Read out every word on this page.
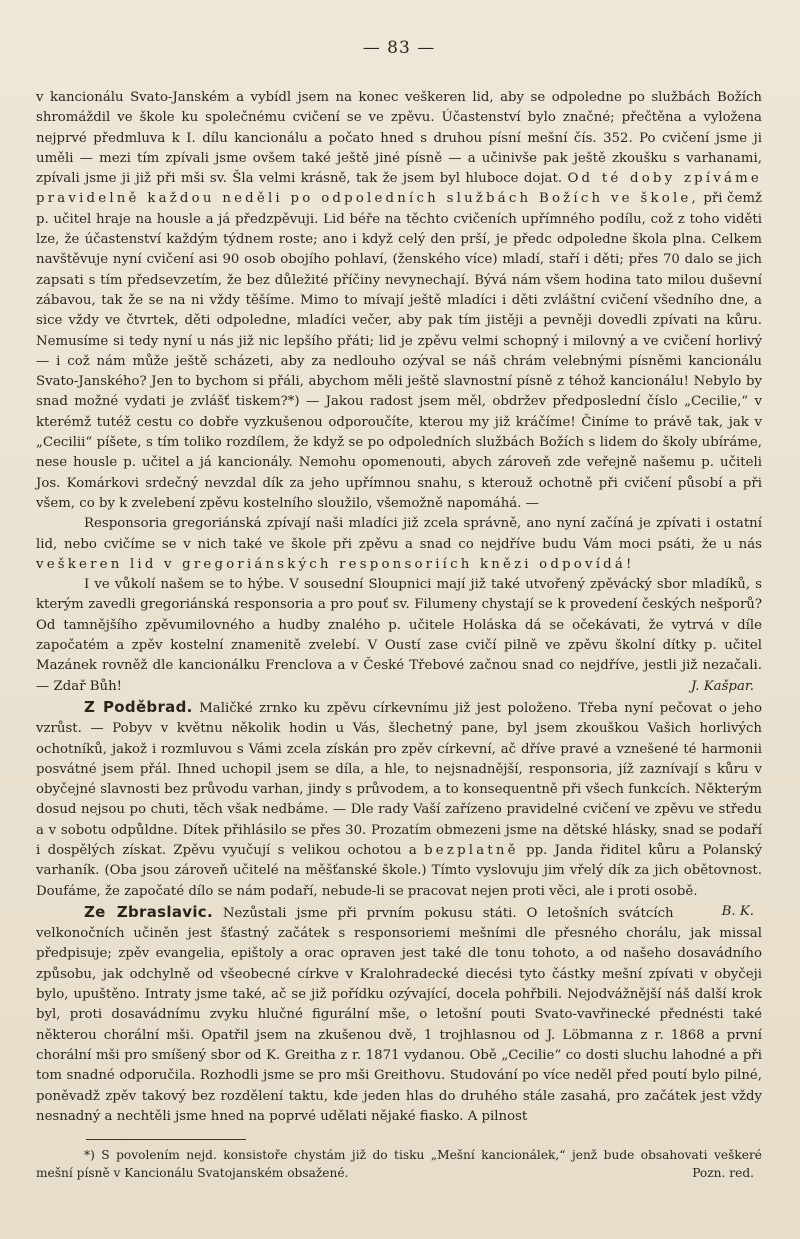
— 83 —

v kancionálu Svato-Janském a vybídl jsem na konec veškeren lid, aby se odpoledne po službách Božích shromáždil ve škole ku společnému cvičení se ve zpěvu. Účastenství bylo značné; přečtěna a vyložena nejprvé předmluva k I. dílu kancionálu a počato hned s druhou písní mešní čís. 352. Po cvičení jsme ji uměli — mezi tím zpívali jsme ovšem také ještě jiné písně — a učinivše pak ještě zkoušku s varhanami, zpívali jsme ji již při mši sv. Šla velmi krásně, tak že jsem byl hluboce dojat. Od té doby zpíváme pravidelně každou neděli po odpoledních službách Božích ve škole, při čemž p. učitel hraje na housle a já předzpěvuji. Lid béře na těchto cvičeních upřímného podílu, což z toho viděti lze, že účastenství každým týdnem roste; ano i když celý den prší, je předc odpoledne škola plna. Celkem navštěvuje nyní cvičení asi 90 osob obojího pohlaví, (ženského více) mladí, staří i děti; přes 70 dalo se jich zapsati s tím předsevzetím, že bez důležité příčiny nevynechají. Bývá nám všem hodina tato milou duševní zábavou, tak že se na ni vždy těšíme. Mimo to mívají ještě mladíci i děti zvláštní cvičení všedního dne, a sice vždy ve čtvrtek, děti odpoledne, mladíci večer, aby pak tím jistěji a pevněji dovedli zpívati na kůru. Nemusíme si tedy nyní u nás již nic lepšího přáti; lid je zpěvu velmi schopný i milovný a ve cvičení horlivý — i což nám může ještě scházeti, aby za nedlouho ozýval se náš chrám velebnými písněmi kancionálu Svato-Janského? Jen to bychom si přáli, abychom měli ještě slavnostní písně z téhož kancionálu! Nebylo by snad možné vydati je zvlášť tiskem?*) — Jakou radost jsem měl, obdržev předposlední číslo „Cecilie,“ v kterémž tutéž cestu co dobře vyzkušenou odporoučíte, kterou my již kráčíme! Činíme to právě tak, jak v „Cecilii“ píšete, s tím toliko rozdílem, že když se po odpoledních službách Božích s lidem do školy ubíráme, nese housle p. učitel a já kancionály. Nemohu opomenouti, abych zároveň zde veřejně našemu p. učiteli Jos. Komárkovi srdečný nevzdal dík za jeho upřímnou snahu, s kterouž ochotně při cvičení působí a při všem, co by k zvelebení zpěvu kostelního sloužilo, všemožně napomáhá. —

Responsoria gregoriánská zpívají naši mladíci již zcela správně, ano nyní začíná je zpívati i ostatní lid, nebo cvičíme se v nich také ve škole při zpěvu a snad co nejdříve budu Vám moci psáti, že u nás veškeren lid v gregoriánských responsoriích knězi odpovídá!

I ve vůkolí našem se to hýbe. V sousední Sloupnici mají již také utvořený zpěvácký sbor mladíků, s kterým zavedli gregoriánská responsoria a pro pouť sv. Filumeny chystají se k provedení českých nešporů? Od tamnějšího zpěvumilovného a hudby znalého p. učitele Holáska dá se očekávati, že vytrvá v díle započatém a zpěv kostelní znamenitě zvelebí. V Oustí zase cvičí pilně ve zpěvu školní dítky p. učitel Mazánek rovněž dle kancionálku Frenclova a v České Třebové začnou snad co nejdříve, jestli již nezačali. — Zdař Bůh!	J. Kašpar.

Z Poděbrad. Maličké zrnko ku zpěvu církevnímu již jest položeno. Třeba nyní pečovat o jeho vzrůst. — Pobyv v květnu několik hodin u Vás, šlechetný pane, byl jsem zkouškou Vašich horlivých ochotníků, jakož i rozmluvou s Vámi zcela získán pro zpěv církevní, ač dříve pravé a vznešené té harmonii posvátné jsem přál. Ihned uchopil jsem se díla, a hle, to nejsnadnější, responsoria, jíž zaznívají s kůru v obyčejné slavnosti bez průvodu varhan, jindy s průvodem, a to konsequentně při všech funkcích. Některým dosud nejsou po chuti, těch však nedbáme. — Dle rady Vaší zařízeno pravidelné cvičení ve zpěvu ve středu a v sobotu odpůldne. Dítek přihlásilo se přes 30. Prozatím obmezeni jsme na dětské hlásky, snad se podaří i dospělých získat. Zpěvu vyučují s velikou ochotou a bezplatně pp. Janda řiditel kůru a Polanský varhaník. (Oba jsou zároveň učitelé na měšťanské škole.) Tímto vyslovuju jim vřelý dík za jich obětovnost. Doufáme, že započaté dílo se nám podaří, nebude-li se pracovat nejen proti věci, ale i proti osobě.
B. K.

Ze Zbraslavic. Nezůstali jsme při prvním pokusu státi. O letošních svátcích velkonočních učiněn jest šťastný začátek s responsoriemi mešními dle přesného chorálu, jak missal předpisuje; zpěv evangelia, epištoly a orac opraven jest také dle tonu tohoto, a od našeho dosavádního způsobu, jak odchylně od všeobecné církve v Kralohradecké diecési tyto částky mešní zpívati v obyčeji bylo, upuštěno. Intraty jsme také, ač se již pořídku ozývající, docela pohřbili. Nejodvážnější náš další krok byl, proti dosavádnímu zvyku hlučné figurální mše, o letošní pouti Svato-vavřinecké přednésti také některou chorální mši. Opatřil jsem na zkušenou dvě, 1 trojhlasnou od J. Löbmanna z r. 1868 a první chorální mši pro smíšený sbor od K. Greitha z r. 1871 vydanou. Obě „Cecilie“ co dosti sluchu lahodné a při tom snadné odporučila. Rozhodli jsme se pro mši Greithovu. Studování po více neděl před poutí bylo pilné, poněvadž zpěv takový bez rozdělení taktu, kde jeden hlas do druhého stále zasahá, pro začátek jest vždy nesnadný a nechtěli jsme hned na poprvé udělati nějaké fiasko. A pilnost

*) S povolením nejd. konsistoře chystám již do tisku „Mešní kancionálek,“ jenž bude obsahovati veškeré mešní písně v Kancionálu Svatojanském obsažené.	Pozn. red.
